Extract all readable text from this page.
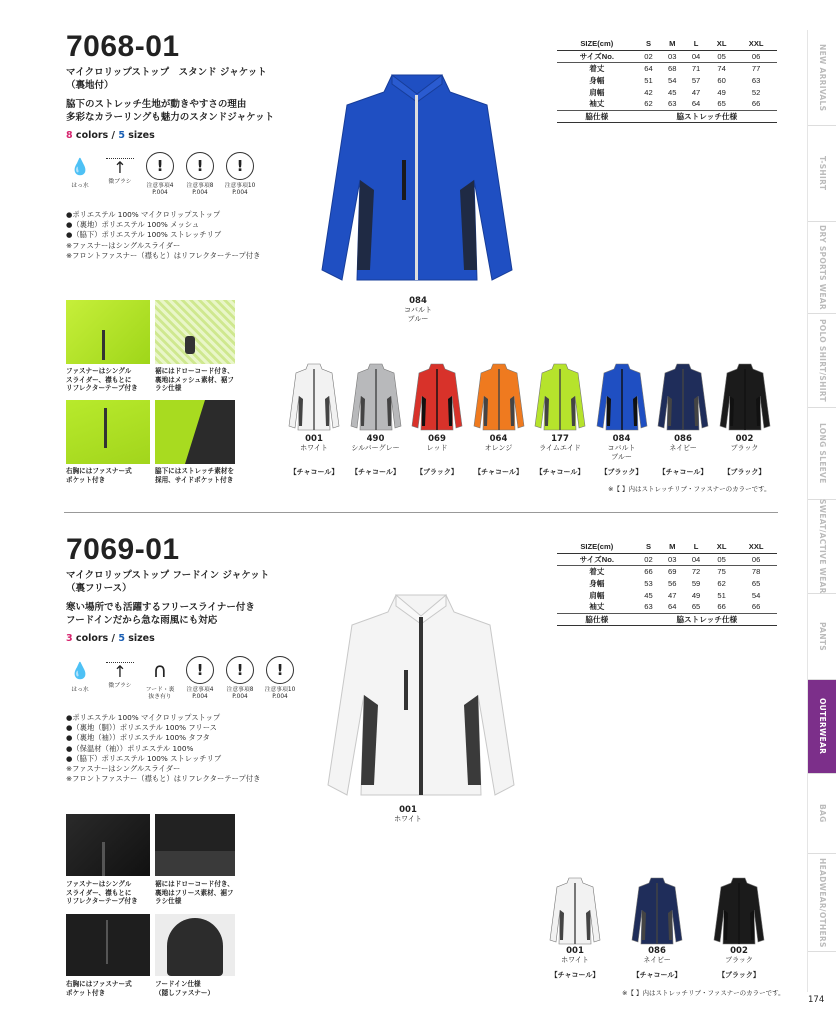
7068-01
マイクロリップストップ　スタンド ジャケット
（裏地付）
脇下のストレッチ生地が動きやすさの理由
多彩なカラーリングも魅力のスタンドジャケット
8 colors / 5 sizes
💧
はっ水
↑
微ブラシ
!
注意事項4
P.004
!
注意事項8
P.004
!
注意事項10
P.004
●ポリエステル 100% マイクロリップストップ
●（裏地）ポリエステル 100% メッシュ
●（脇下）ポリエステル 100% ストレッチリブ
※ファスナーはシングルスライダー
※フロントファスナー（襟もと）はリフレクターテープ付き
ファスナーはシングル
スライダー、襟もとに
リフレクターテープ付き
裾にはドローコード付き、
裏地はメッシュ素材、裾フ
ラシ仕様
右胸にはファスナー式
ポケット付き
脇下にはストレッチ素材を
採用、サイドポケット付き
084
コバルト
ブルー
SIZE(cm)	S	M	L	XL	XXL
サイズNo.	02	03	04	05	06
着丈	64	68	71	74	77
身幅	51	54	57	60	63
肩幅	42	45	47	49	52
袖丈	62	63	64	65	66
脇仕様	脇ストレッチ仕様				
001
ホワイト
【チャコール】
490
シルバーグレー
【チャコール】
069
レッド
【ブラック】
064
オレンジ
【チャコール】
177
ライムエイド
【チャコール】
084
コバルト
ブルー
【ブラック】
086
ネイビー
【チャコール】
002
ブラック
【ブラック】
※【 】内はストレッチリブ・ファスナーのカラーです。
7069-01
マイクロリップストップ フードイン ジャケット
（裏フリース）
寒い場所でも活躍するフリースライナー付き
フードインだから急な雨風にも対応
3 colors / 5 sizes
💧
はっ水
↑
微ブラシ
∩
フード・裏
抜き有り
!
注意事項4
P.004
!
注意事項8
P.004
!
注意事項10
P.004
●ポリエステル 100% マイクロリップストップ
●（裏地（胴））ポリエステル 100% フリース
●（裏地（袖））ポリエステル 100% タフタ
●（保温材（袖））ポリエステル 100%
●（脇下）ポリエステル 100% ストレッチリブ
※ファスナーはシングルスライダー
※フロントファスナー（襟もと）はリフレクターテープ付き
ファスナーはシングル
スライダー、襟もとに
リフレクターテープ付き
裾にはドローコード付き、
裏地はフリース素材、裾フ
ラシ仕様
右胸にはファスナー式
ポケット付き
フードイン仕様
（隠しファスナー）
001
ホワイト
SIZE(cm)	S	M	L	XL	XXL
サイズNo.	02	03	04	05	06
着丈	66	69	72	75	78
身幅	53	56	59	62	65
肩幅	45	47	49	51	54
袖丈	63	64	65	66	66
脇仕様	脇ストレッチ仕様				
001
ホワイト
【チャコール】
086
ネイビー
【チャコール】
002
ブラック
【ブラック】
※【 】内はストレッチリブ・ファスナーのカラーです。
NEW ARRIVALS
T-SHIRT
DRY SPORTS WEAR
POLO SHIRT/SHIRT
LONG SLEEVE
SWEAT/ACTIVE WEAR
PANTS
OUTERWEAR
BAG
HEADWEAR/OTHERS
174
